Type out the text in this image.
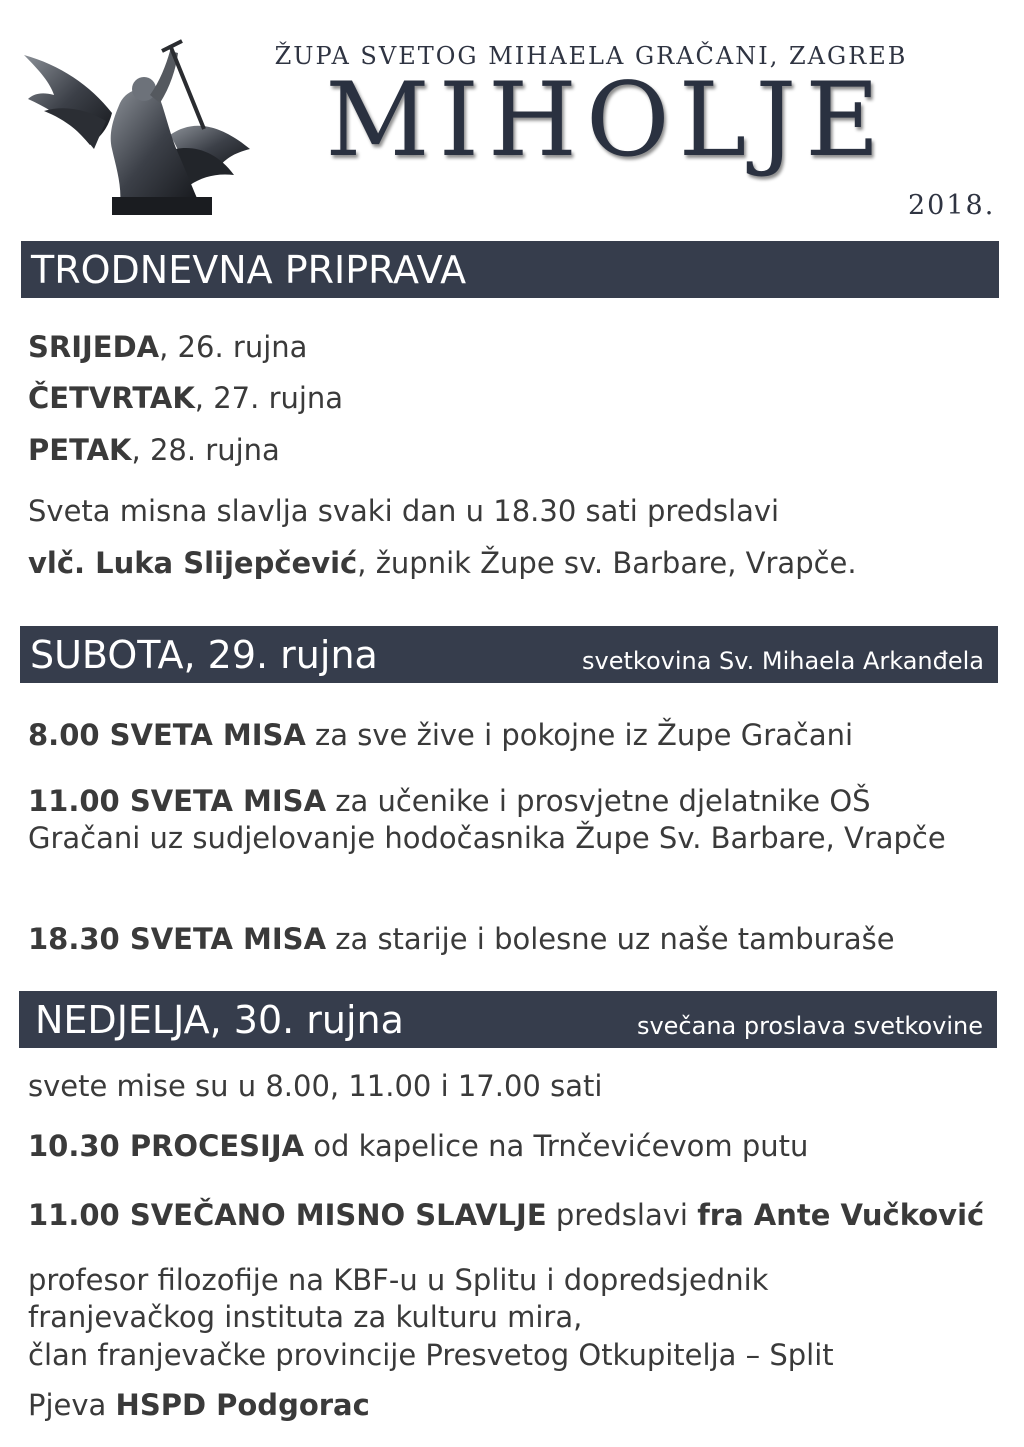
ŽUPA SVETOG MIHAELA GRAČANI, ZAGREB
MIHOLJE
2018.
TRODNEVNA PRIPRAVA
SRIJEDA, 26. rujna
ČETVRTAK, 27. rujna
PETAK, 28. rujna
Sveta misna slavlja svaki dan u 18.30 sati predslavi
vlč. Luka Slijepčević, župnik Župe sv. Barbare, Vrapče.
SUBOTA, 29. rujna	svetkovina Sv. Mihaela Arkanđela
8.00 SVETA MISA za sve žive i pokojne iz Župe Gračani
11.00 SVETA MISA za učenike i prosvjetne djelatnike OŠ Gračani uz sudjelovanje hodočasnika Župe Sv. Barbare, Vrapče
18.30 SVETA MISA za starije i bolesne uz naše tamburaše
NEDJELJA, 30. rujna	svečana proslava svetkovine
svete mise su u 8.00, 11.00 i 17.00 sati
10.30 PROCESIJA od kapelice na Trnčevićevom putu
11.00 SVEČANO MISNO SLAVLJE predslavi fra Ante Vučković
profesor filozofije na KBF-u u Splitu i dopredsjednik
franjevačkog instituta za kulturu mira,
član franjevačke provincije Presvetog Otkupitelja – Split
Pjeva HSPD Podgorac
